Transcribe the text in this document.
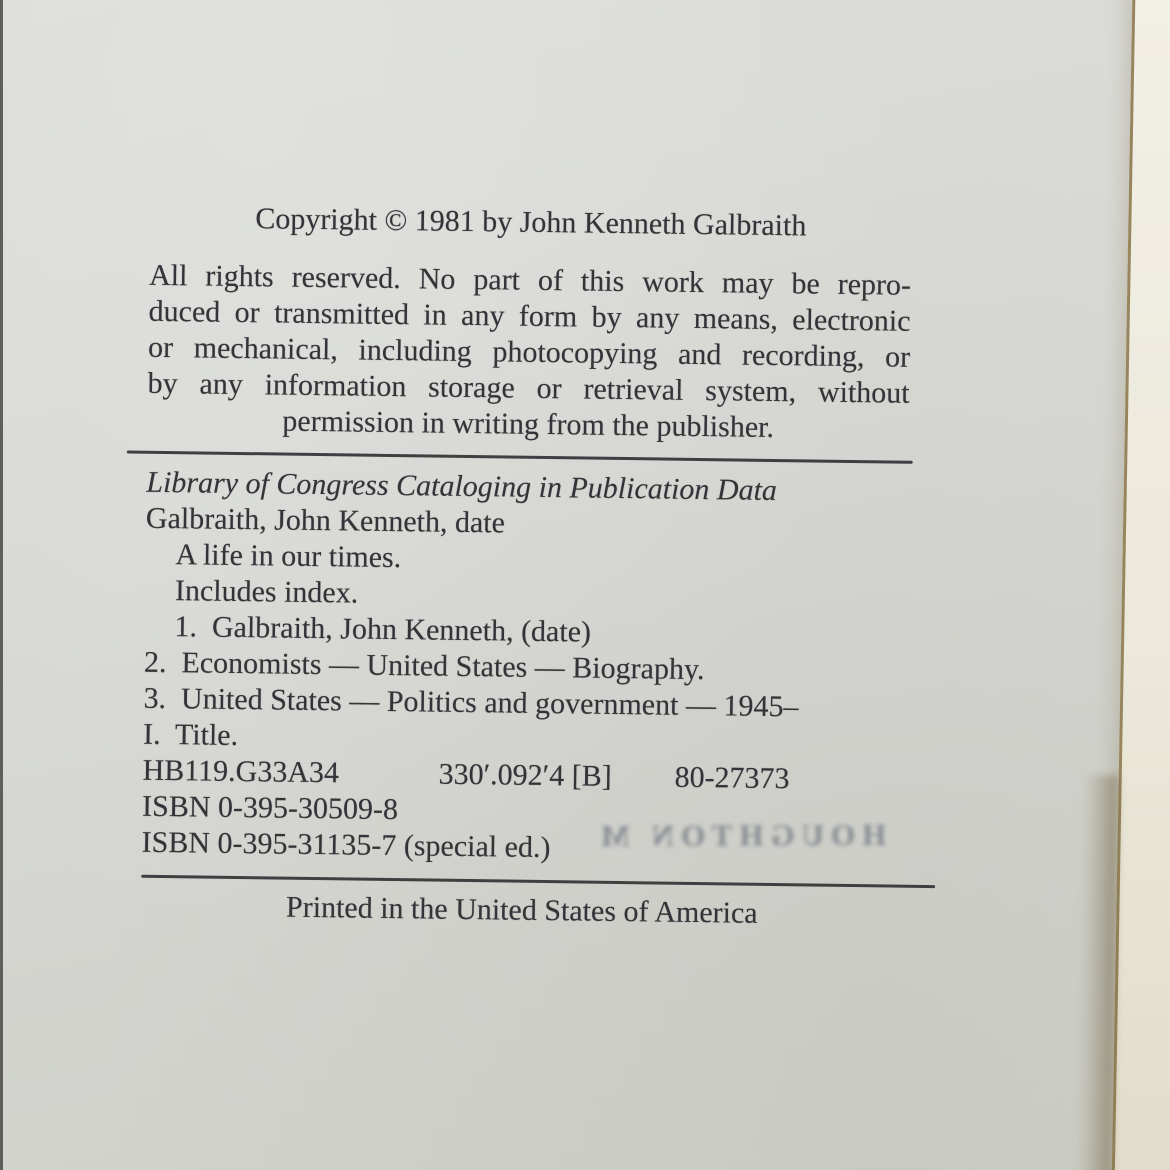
Copyright © 1981 by John Kenneth Galbraith
All rights reserved. No part of this work may be repro-
duced or transmitted in any form by any means, electronic
or mechanical, including photocopying and recording, or
by any information storage or retrieval system, without
permission in writing from the publisher.
Library of Congress Cataloging in Publication Data
Galbraith, John Kenneth, date
A life in our times.
Includes index.
1.  Galbraith, John Kenneth, (date)
2.  Economists — United States — Biography.
3.  United States — Politics and government — 1945–
I.  Title.
HB119.G33A34	330′.092′4 [B] 80-27373
ISBN 0-395-30509-8
ISBN 0-395-31135-7 (special ed.)
Printed in the United States of America
HOUGHTON M
